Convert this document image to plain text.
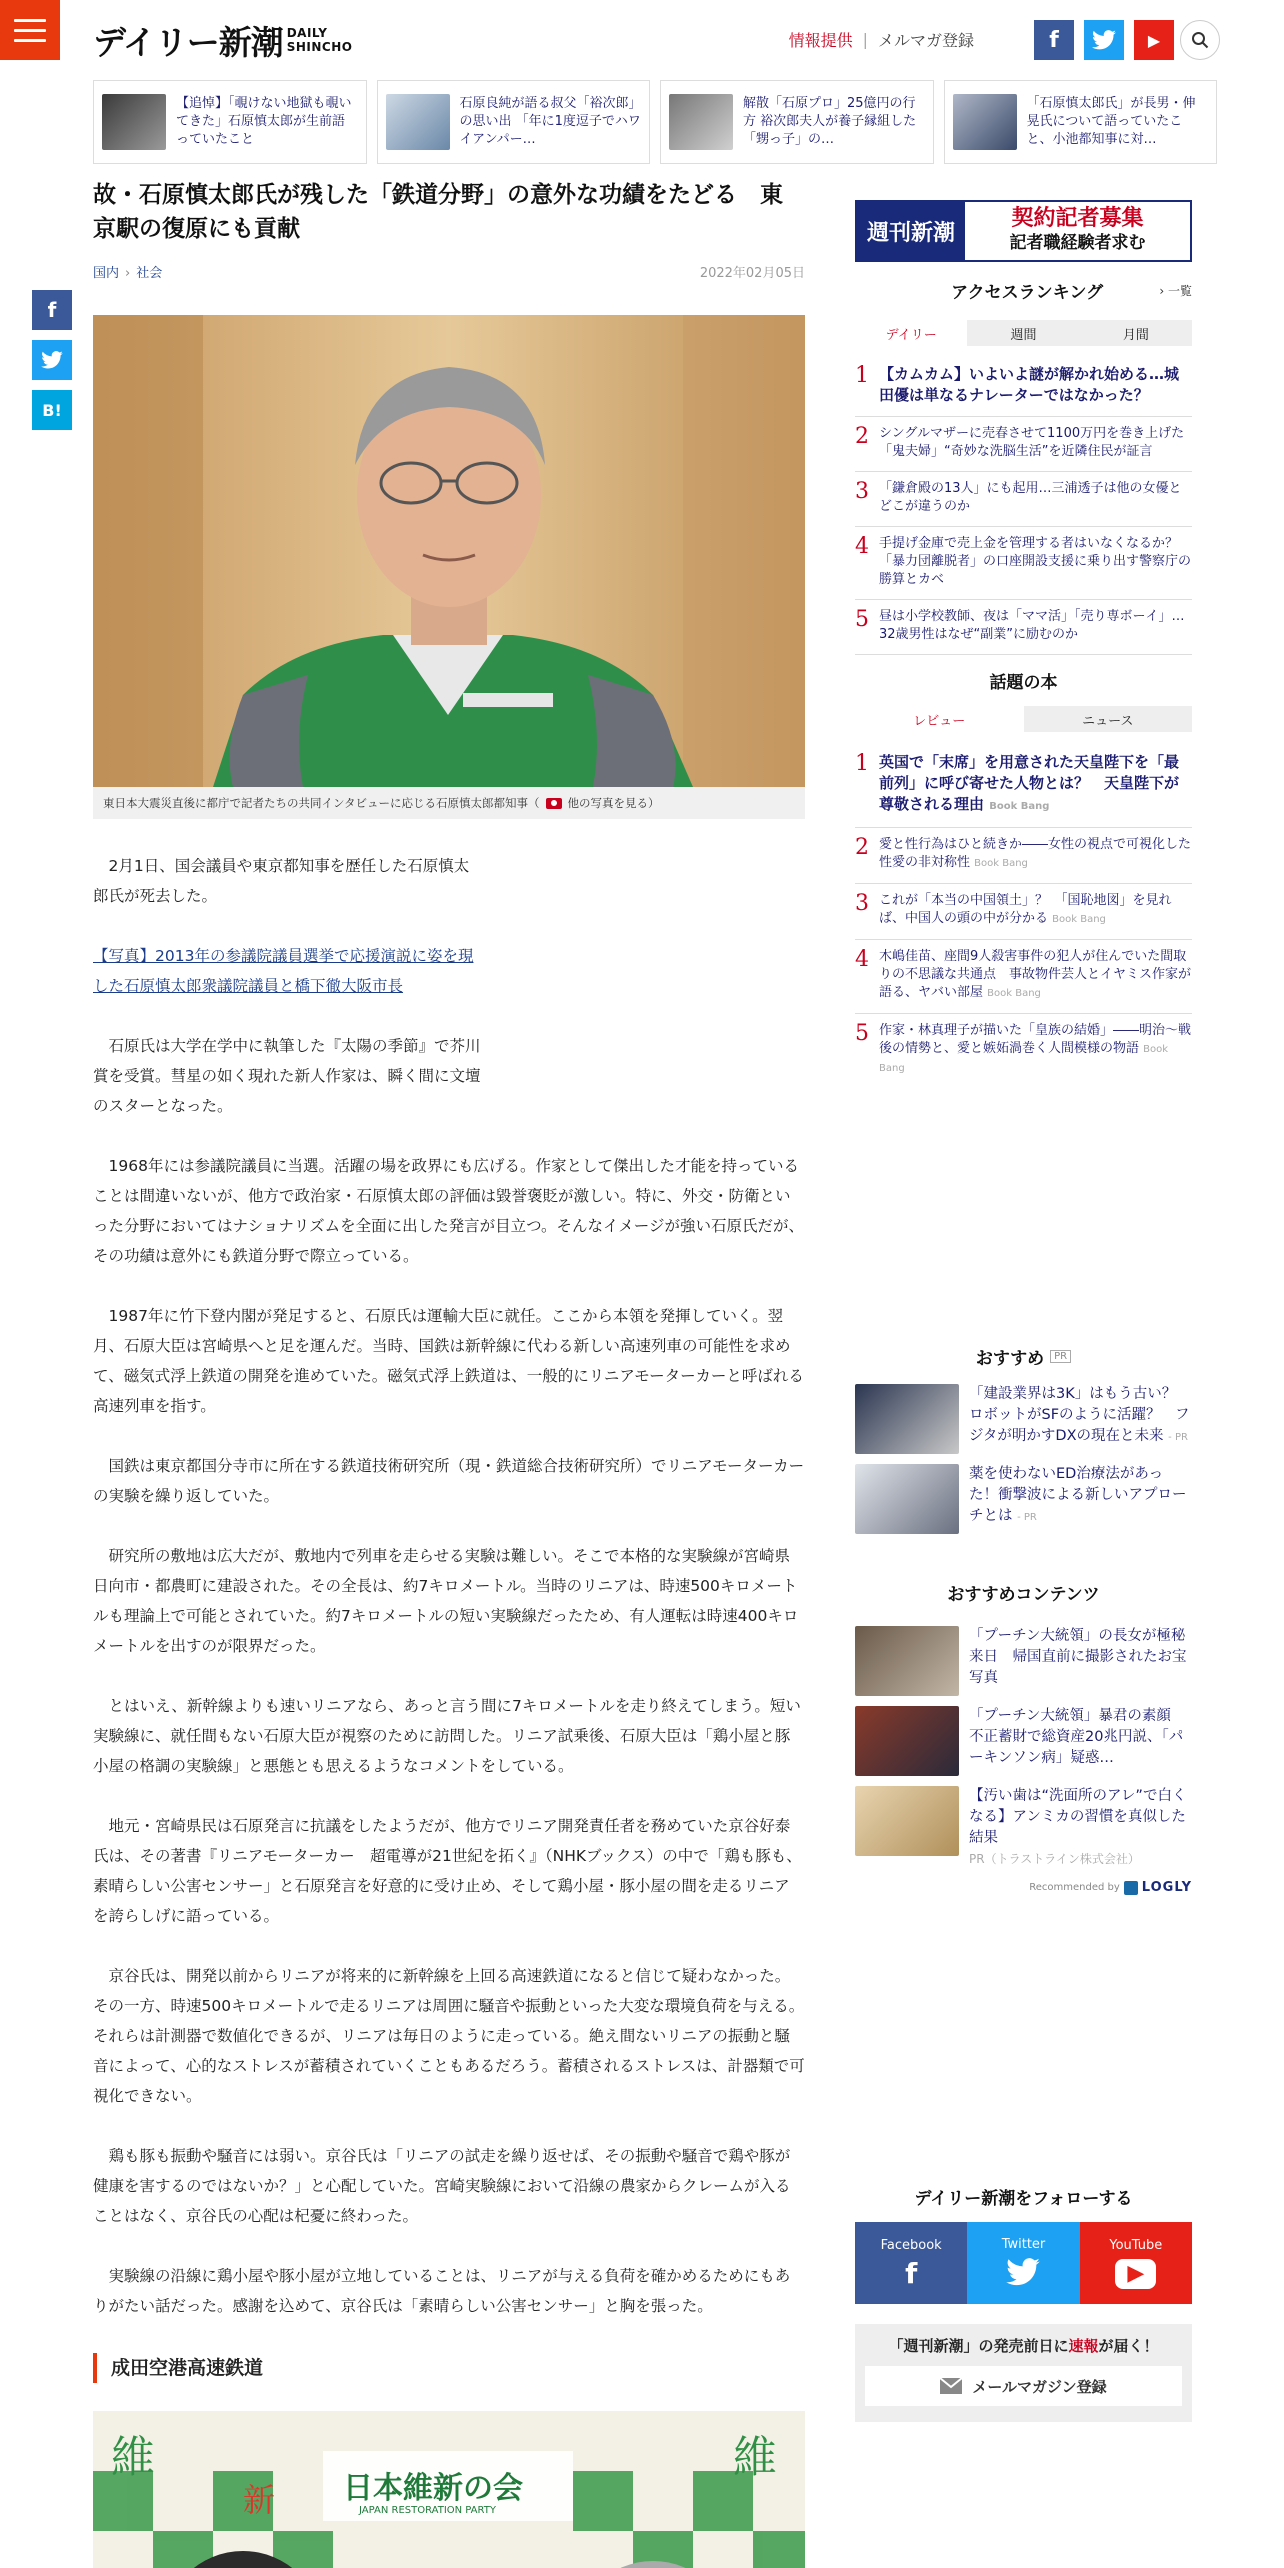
デイリー新潮 DAILY
SHINCHO	情報提供 | メルマガ登録	f	▶
【追悼】「覗けない地獄も覗いてきた」石原慎太郎が生前語っていたこと
石原良純が語る叔父「裕次郎」の思い出 「年に1度逗子でハワイアンパー…
解散「石原プロ」25億円の行方 裕次郎夫人が養子縁組した「甥っ子」の…
「石原慎太郎氏」が長男・伸晃氏について語っていたこと、小池都知事に対…
f
B!
故・石原慎太郎氏が残した「鉄道分野」の意外な功績をたどる　東京駅の復原にも貢献
国内 › 社会	2022年02月05日
東日本大震災直後に都庁で記者たちの共同インタビューに応じる石原慎太郎都知事（ 他の写真を見る）

2月1日、国会議員や東京都知事を歴任した石原慎太郎氏が死去した。

【写真】2013年の参議院議員選挙で応援演説に姿を現した石原慎太郎衆議院議員と橋下徹大阪市長

石原氏は大学在学中に執筆した『太陽の季節』で芥川賞を受賞。彗星の如く現れた新人作家は、瞬く間に文壇のスターとなった。

1968年には参議院議員に当選。活躍の場を政界にも広げる。作家として傑出した才能を持っていることは間違いないが、他方で政治家・石原慎太郎の評価は毀誉褒貶が激しい。特に、外交・防衛といった分野においてはナショナリズムを全面に出した発言が目立つ。そんなイメージが強い石原氏だが、その功績は意外にも鉄道分野で際立っている。

1987年に竹下登内閣が発足すると、石原氏は運輸大臣に就任。ここから本領を発揮していく。翌月、石原大臣は宮崎県へと足を運んだ。当時、国鉄は新幹線に代わる新しい高速列車の可能性を求めて、磁気式浮上鉄道の開発を進めていた。磁気式浮上鉄道は、一般的にリニアモーターカーと呼ばれる高速列車を指す。

国鉄は東京都国分寺市に所在する鉄道技術研究所（現・鉄道総合技術研究所）でリニアモーターカーの実験を繰り返していた。

研究所の敷地は広大だが、敷地内で列車を走らせる実験は難しい。そこで本格的な実験線が宮崎県日向市・都農町に建設された。その全長は、約7キロメートル。当時のリニアは、時速500キロメートルも理論上で可能とされていた。約7キロメートルの短い実験線だったため、有人運転は時速400キロメートルを出すのが限界だった。

とはいえ、新幹線よりも速いリニアなら、あっと言う間に7キロメートルを走り終えてしまう。短い実験線に、就任間もない石原大臣が視察のために訪問した。リニア試乗後、石原大臣は「鶏小屋と豚小屋の格調の実験線」と悪態とも思えるようなコメントをしている。

地元・宮崎県民は石原発言に抗議をしたようだが、他方でリニア開発責任者を務めていた京谷好泰氏は、その著書『リニアモーターカー　超電導が21世紀を拓く』（NHKブックス）の中で「鶏も豚も、素晴らしい公害センサー」と石原発言を好意的に受け止め、そして鶏小屋・豚小屋の間を走るリニアを誇らしげに語っている。

京谷氏は、開発以前からリニアが将来的に新幹線を上回る高速鉄道になると信じて疑わなかった。その一方、時速500キロメートルで走るリニアは周囲に騒音や振動といった大変な環境負荷を与える。それらは計測器で数値化できるが、リニアは毎日のように走っている。絶え間ないリニアの振動と騒音によって、心的なストレスが蓄積されていくこともあるだろう。蓄積されるストレスは、計器類で可視化できない。

鶏も豚も振動や騒音には弱い。京谷氏は「リニアの試走を繰り返せば、その振動や騒音で鶏や豚が健康を害するのではないか？」と心配していた。宮崎実験線において沿線の農家からクレームが入ることはなく、京谷氏の心配は杞憂に終わった。

実験線の沿線に鶏小屋や豚小屋が立地していることは、リニアが与える負荷を確かめるためにもありがたい話だった。感謝を込めて、京谷氏は「素晴らしい公害センサー」と胸を張った。

成田空港高速鉄道
日本維新の会
JAPAN RESTORATION PARTY
維	維
新
週刊新潮
契約記者募集
記者職経験者求む
アクセスランキング	› 一覧
デイリー	週間	月間
1 【カムカム】いよいよ謎が解かれ始める…城田優は単なるナレーターではなかった？
2 シングルマザーに売春させて1100万円を巻き上げた「鬼夫婦」“奇妙な洗脳生活”を近隣住民が証言
3 「鎌倉殿の13人」にも起用…三浦透子は他の女優とどこが違うのか
4 手提げ金庫で売上金を管理する者はいなくなるか？　「暴力団離脱者」の口座開設支援に乗り出す警察庁の勝算とカベ
5 昼は小学校教師、夜は「ママ活」「売り専ボーイ」…　32歳男性はなぜ“副業”に励むのか
話題の本
レビュー	ニュース
1 英国で「末席」を用意された天皇陛下を「最前列」に呼び寄せた人物とは？　天皇陛下が尊敬される理由 Book Bang
2 愛と性行為はひと続きか――女性の視点で可視化した性愛の非対称性 Book Bang
3 これが「本当の中国領土」？　「国恥地図」を見れば、中国人の頭の中が分かる Book Bang
4 木嶋佳苗、座間9人殺害事件の犯人が住んでいた間取りの不思議な共通点　事故物件芸人とイヤミス作家が語る、ヤバい部屋 Book Bang
5 作家・林真理子が描いた「皇族の結婚」――明治～戦後の情勢と、愛と嫉妬渦巻く人間模様の物語 Book Bang
おすすめ	PR
「建設業界は3K」はもう古い？ ロボットがSFのように活躍？　フジタが明かすDXの現在と未来 - PR
薬を使わないED治療法があった！衝撃波による新しいアプローチとは - PR
おすすめコンテンツ
「プーチン大統領」の長女が極秘来日　帰国直前に撮影されたお宝写真
「プーチン大統領」暴君の素顔　不正蓄財で総資産20兆円説、「パーキンソン病」疑惑…
【汚い歯は“洗面所のアレ”で白くなる】アンミカの習慣を真似した結果
PR（トラストライン株式会社）
Recommended by LOGLY
デイリー新潮をフォローする
Facebook
f
Twitter	YouTube
▶
「週刊新潮」の発売前日に速報が届く！
メールマガジン登録
